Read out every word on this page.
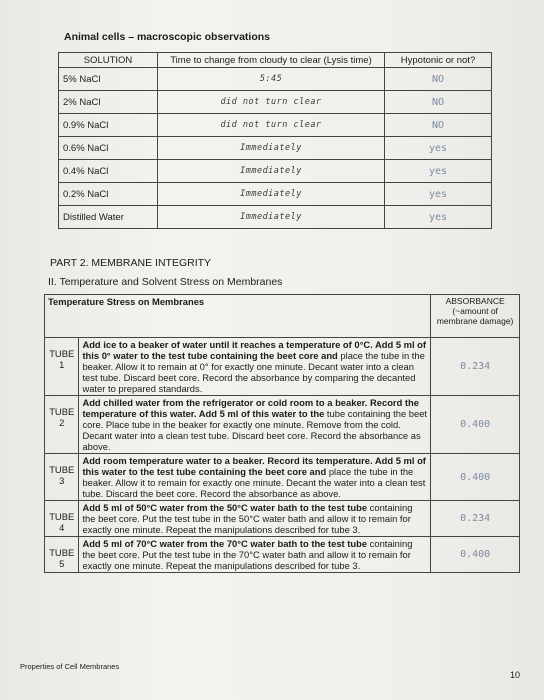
Animal cells – macroscopic observations
SOLUTION	Time to change from cloudy to clear (Lysis time)	Hypotonic or not?
5% NaCl	5:45	NO
2% NaCl	did not turn clear	NO
0.9% NaCl	did not turn clear	NO
0.6% NaCl	Immediately	yes
0.4% NaCl	Immediately	yes
0.2% NaCl	Immediately	yes
Distilled Water	Immediately	yes
PART 2. MEMBRANE INTEGRITY
II. Temperature and Solvent Stress on Membranes
Temperature Stress on Membranes		ABSORBANCE (~amount of membrane damage)
TUBE 1	Add ice to a beaker of water until it reaches a temperature of 0°C. Add 5 ml of this 0° water to the test tube containing the beet core and place the tube in the beaker. Allow it to remain at 0° for exactly one minute. Decant water into a clean test tube. Discard beet core. Record the absorbance by comparing the decanted water to prepared standards.	0.234
TUBE 2	Add chilled water from the refrigerator or cold room to a beaker. Record the temperature of this water. Add 5 ml of this water to the tube containing the beet core. Place tube in the beaker for exactly one minute. Remove from the cold. Decant water into a clean test tube. Discard beet core. Record the absorbance as above.	0.400
TUBE 3	Add room temperature water to a beaker. Record its temperature. Add 5 ml of this water to the test tube containing the beet core and place the tube in the beaker. Allow it to remain for exactly one minute. Decant the water into a clean test tube. Discard the beet core. Record the absorbance as above.	0.400
TUBE 4	Add 5 ml of 50°C water from the 50°C water bath to the test tube containing the beet core. Put the test tube in the 50°C water bath and allow it to remain for exactly one minute. Repeat the manipulations described for tube 3.	0.234
TUBE 5	Add 5 ml of 70°C water from the 70°C water bath to the test tube containing the beet core. Put the test tube in the 70°C water bath and allow it to remain for exactly one minute. Repeat the manipulations described for tube 3.	0.400
Properties of Cell Membranes
10
